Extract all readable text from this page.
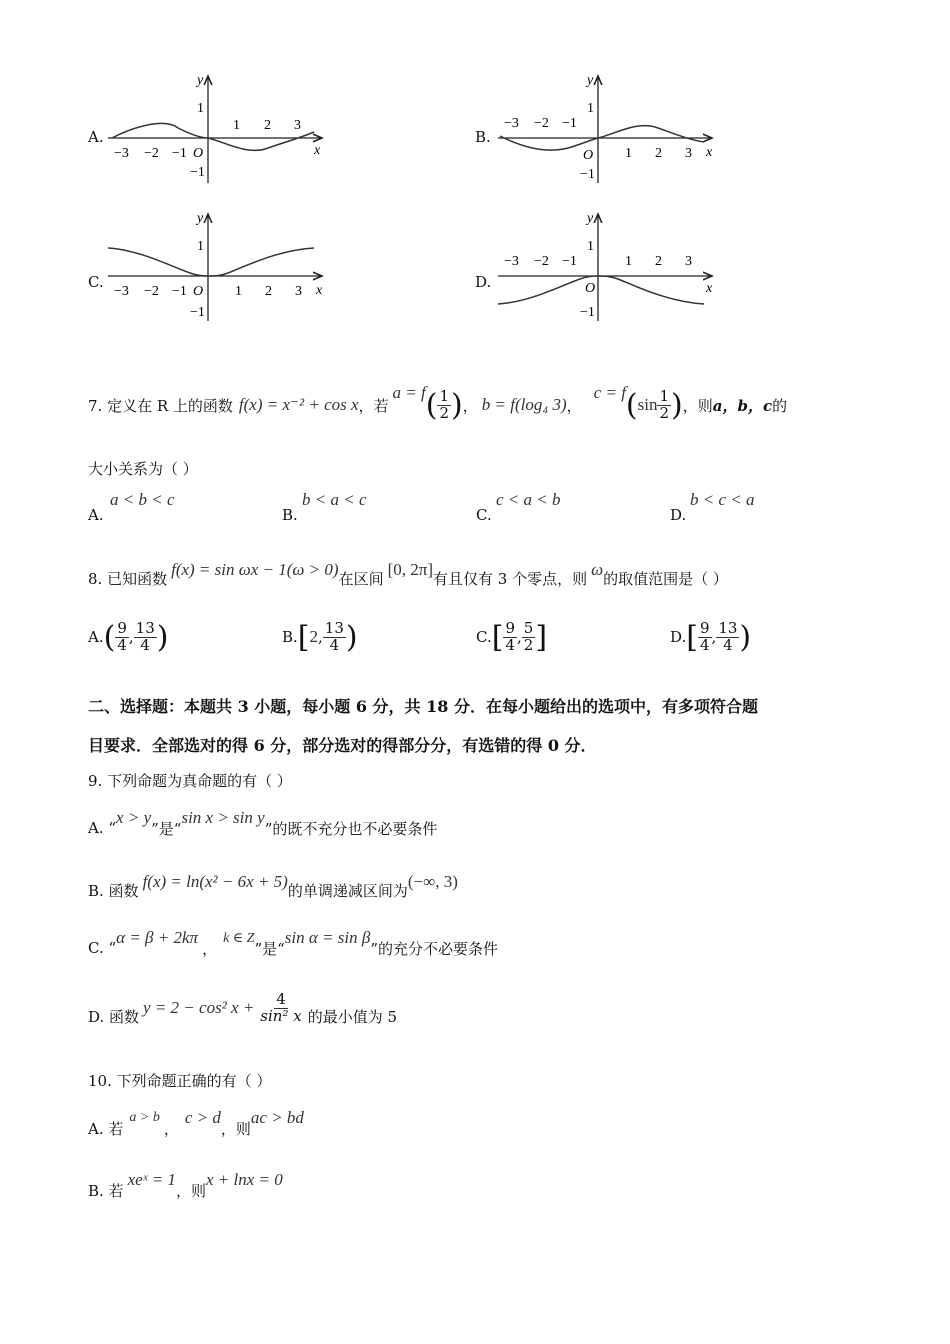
A.
−3 −2 −1 O
1 2 3
x
y
1
−1
B.
−3 −2 −1
O 1 2 3 x
y
1
−1
C.
−3 −2 −1 O 1 2 3 x
y
1
−1
D.
−3 −2 −1
O
1 2 3
x
y
1
−1
7. 定义在 R 上的函数 f(x) = x⁻² + cos x ，若
a = f ( $\frac{1}{2}$ ) ， b = f(log₄ 3) ，
c = f ( $\sin \frac{1}{2}$ ) ，则 a，b，c 的
大小关系为（ ）
A.
a < b < c
B.
b < a < c
C.
c < a < b
D.
b < c < a
8. 已知函数 f(x) = sin ωx − 1(ω > 0) 在区间 [0, 2π] 有且仅有 3 个零点，则 ω 的取值范围是（ ）
A. ( $\frac{9}{4}$ , $\frac{13}{4}$ )	B. [ 2 , $\frac{13}{4}$ )	C. [ $\frac{9}{4}$ , $\frac{5}{2}$ ]	D. [ $\frac{9}{4}$ , $\frac{13}{4}$ )
二、选择题：本题共 3 小题，每小题 6 分，共 18 分．在每小题给出的选项中，有多项符合题
目要求．全部选对的得 6 分，部分选对的得部分分，有选错的得 0 分．
9. 下列命题为真命题的有（ ）
A. “
x > y
”是“
sin x > sin y
”的既不充分也不必要条件
B. 函数 f(x) = ln(x² − 6x + 5) 的单调递减区间为 (−∞, 3)
C. “
α = β + 2kπ
，
k ∈ Z
”是“
sin α = sin β
”的充分不必要条件
D. 函数 y = 2 − cos² $x + \frac{4}{\text{sin² x}}$ 的最小值为 5
10. 下列命题正确的有（ ）
A. 若
a > b
，
c > d
，则
ac > bd
B. 若
xeˣ = 1
，则
x + lnx = 0
